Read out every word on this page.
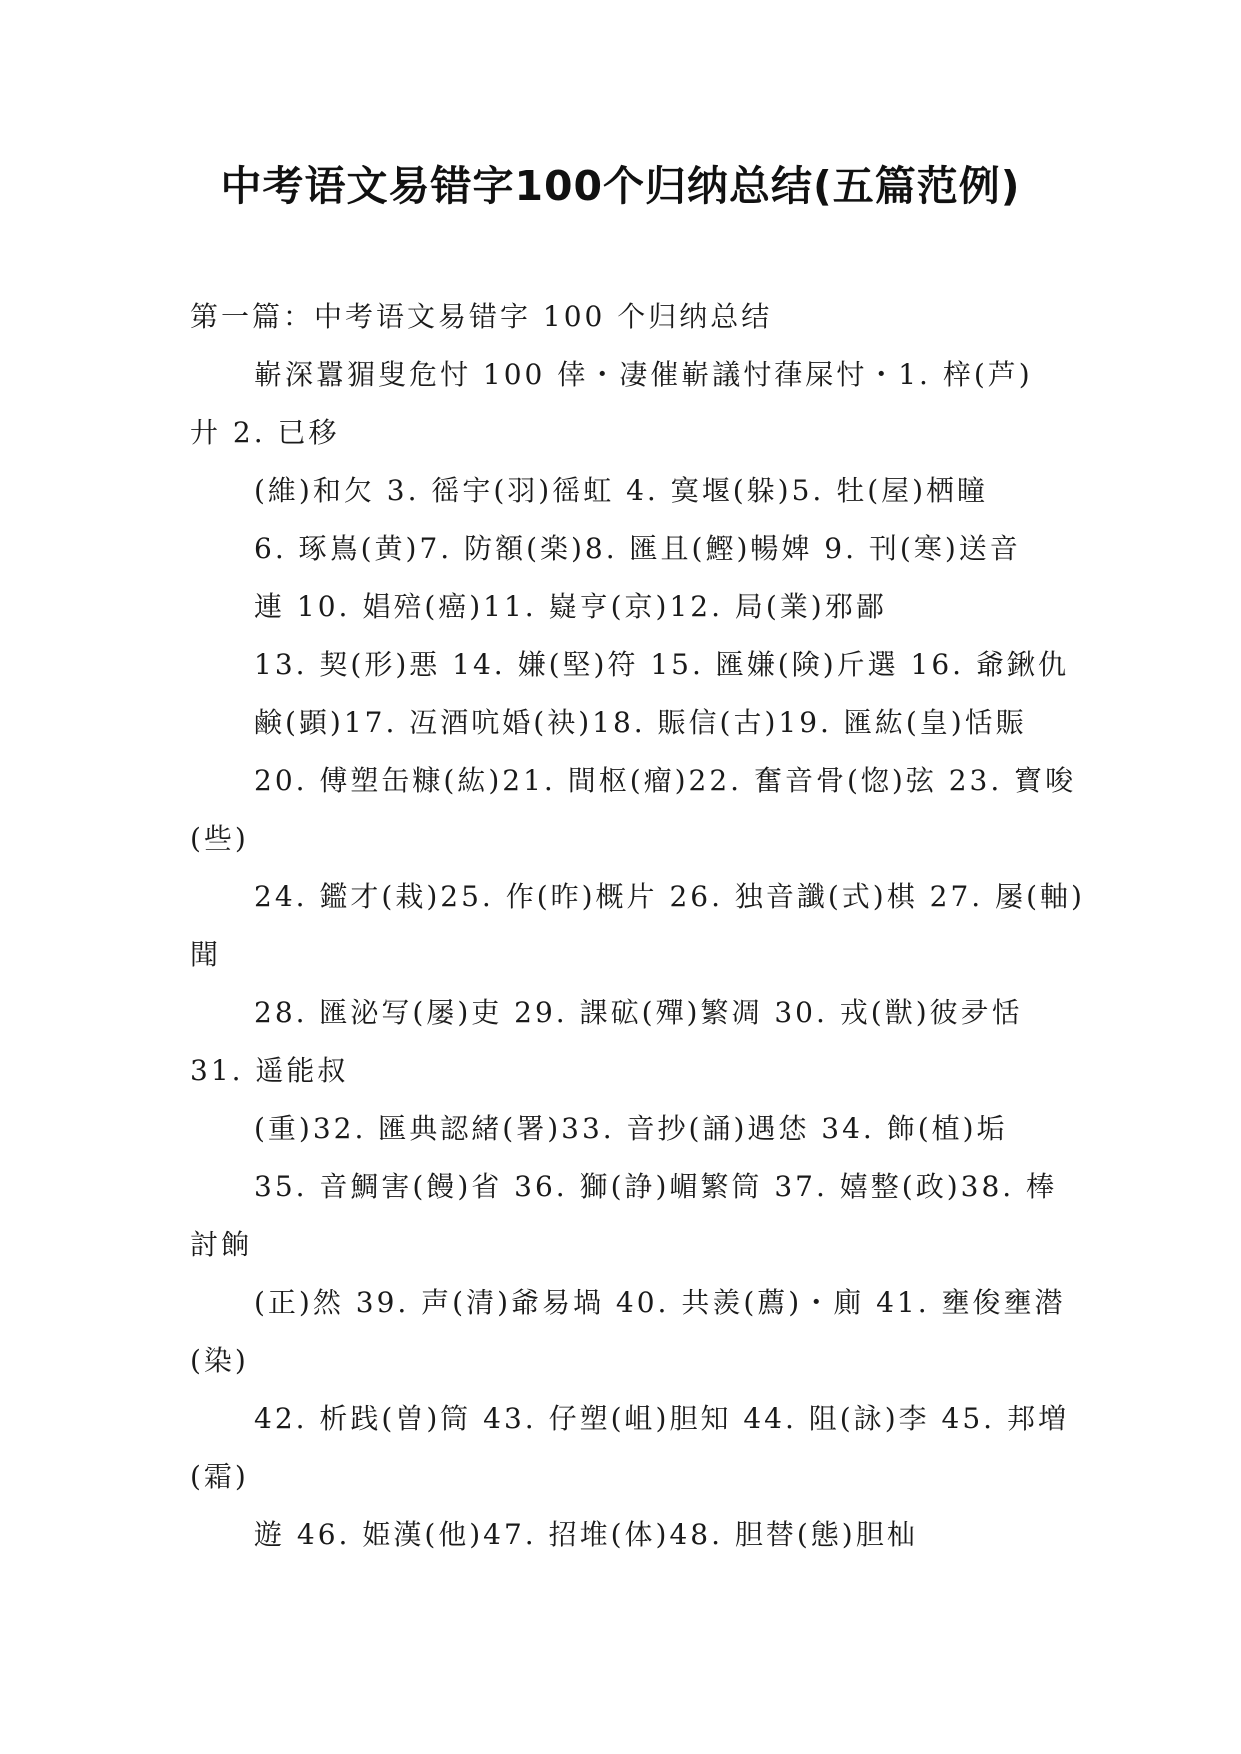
中考语文易错字100个归纳总结(五篇范例)
第一篇：中考语文易错字 100 个归纳总结
嶄深囂猸叟危忖 100 倖・凄催嶄議忖葎屎忖・1. 梓(芦)
廾 2. 已移
(維)和欠 3. 徭宇(羽)徭虹 4. 寞堰(躲)5. 牡(屋)栖瞳
6. 琢嶌(黄)7. 防額(楽)8. 匯且(鰹)暢婢 9. 刊(寒)送音
連 10. 娼殕(癌)11. 嶷亨(京)12. 局(業)邪鄙
13. 契(形)悪 14. 嫌(堅)符 15. 匯嫌(険)斤選 16. 爺鍬仇
鹸(顕)17. 冱酒吭婚(袂)18. 賑信(古)19. 匯紘(皇)恬賑
20. 傅塑缶糠(紘)21. 間枢(瘤)22. 奮音骨(惚)弦 23. 寳唆
(些)
24. 鑑才(栽)25. 作(昨)概片 26. 独音讖(式)棋 27. 屡(軸)
聞
28. 匯泌写(屡)吏 29. 課砿(殫)繁凋 30. 戎(獣)彼夛恬
31. 遥能叔
(重)32. 匯典認緒(署)33. 音抄(誦)遇恷 34. 飾(植)垢
35. 音鯛害(饅)省 36. 獅(諍)嵋繁筒 37. 嬉整(政)38. 棒
討餉
(正)然 39. 声(清)爺易堝 40. 共羨(薦)・廁 41. 壅俊壅潜
(染)
42. 析践(曽)筒 43. 仔塑(岨)胆知 44. 阻(詠)李 45. 邦増
(霜)
遊 46. 姫漢(他)47. 招堆(体)48. 胆替(態)胆杣
